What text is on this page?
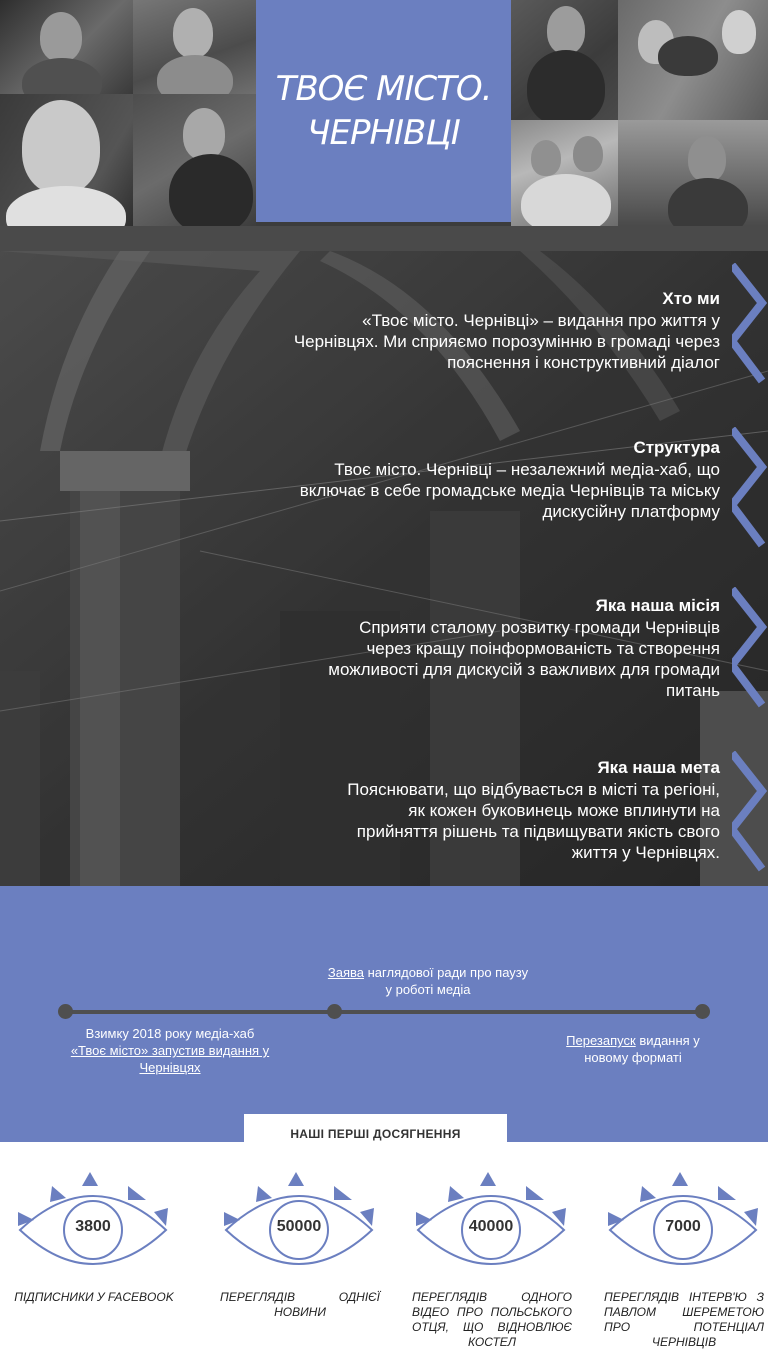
ТВОЄ МІСТО.
ЧЕРНІВЦІ
Хто ми
«Твоє місто. Чернівці» – видання про життя у Чернівцях. Ми сприяємо порозумінню в громаді через пояснення і конструктивний діалог
Структура
Твоє місто. Чернівці – незалежний медіа-хаб, що включає в себе громадське медіа Чернівців та міську дискусійну платформу
Яка наша місія
Сприяти сталому розвитку громади Чернівців через кращу поінформованість та створення можливості для дискусій з важливих для громади питань
Яка наша мета
Пояснювати, що відбувається в місті та регіоні, як кожен буковинець може вплинути на прийняття рішень та підвищувати якість свого життя у Чернівцях.
Заява наглядової ради про паузу у роботі медіа
Взимку 2018 року медіа-хаб
«Твоє місто» запустив видання у Чернівцях
Перезапуск видання у новому форматі
НАШІ ПЕРШІ ДОСЯГНЕННЯ
3800
ПІДПИСНИКИ У FACEBOOK
50000
ПЕРЕГЛЯДІВ ОДНІЄЇ НОВИНИ
40000
ПЕРЕГЛЯДІВ ОДНОГО ВІДЕО ПРО ПОЛЬСЬКОГО ОТЦЯ, ЩО ВІДНОВЛЮЄ КОСТЕЛ
7000
ПЕРЕГЛЯДІВ ІНТЕРВ'Ю З ПАВЛОМ ШЕРЕМЕТОЮ ПРО ПОТЕНЦІАЛ ЧЕРНІВЦІВ
